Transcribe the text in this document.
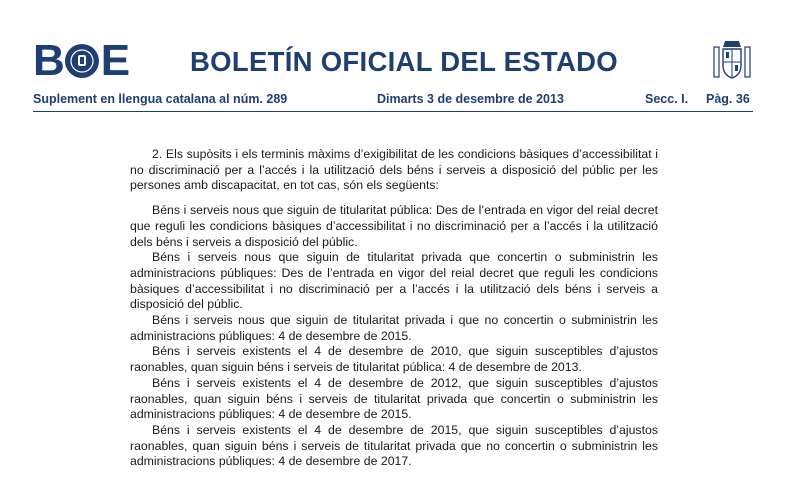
B E BOLETÍN OFICIAL DEL ESTADO
Suplement en llengua catalana al núm. 289	Dimarts 3 de desembre de 2013	Secc. I. Pàg. 36

2. Els supòsits i els terminis màxims d’exigibilitat de les condicions bàsiques d’accessibilitat i no discriminació per a l’accés i la utilització dels béns i serveis a disposició del públic per les persones amb discapacitat, en tot cas, són els següents:

Béns i serveis nous que siguin de titularitat pública: Des de l’entrada en vigor del reial decret que reguli les condicions bàsiques d’accessibilitat i no discriminació per a l’accés i la utilització dels béns i serveis a disposició del públic.

Béns i serveis nous que siguin de titularitat privada que concertin o subministrin les administracions públiques: Des de l’entrada en vigor del reial decret que reguli les condicions bàsiques d’accessibilitat i no discriminació per a l’accés i la utilització dels béns i serveis a disposició del públic.

Béns i serveis nous que siguin de titularitat privada i que no concertin o subministrin les administracions públiques: 4 de desembre de 2015.

Béns i serveis existents el 4 de desembre de 2010, que siguin susceptibles d’ajustos raonables, quan siguin béns i serveis de titularitat pública: 4 de desembre de 2013.

Béns i serveis existents el 4 de desembre de 2012, que siguin susceptibles d’ajustos raonables, quan siguin béns i serveis de titularitat privada que concertin o subministrin les administracions públiques: 4 de desembre de 2015.

Béns i serveis existents el 4 de desembre de 2015, que siguin susceptibles d’ajustos raonables, quan siguin béns i serveis de titularitat privada que no concertin o subministrin les administracions públiques: 4 de desembre de 2017.
